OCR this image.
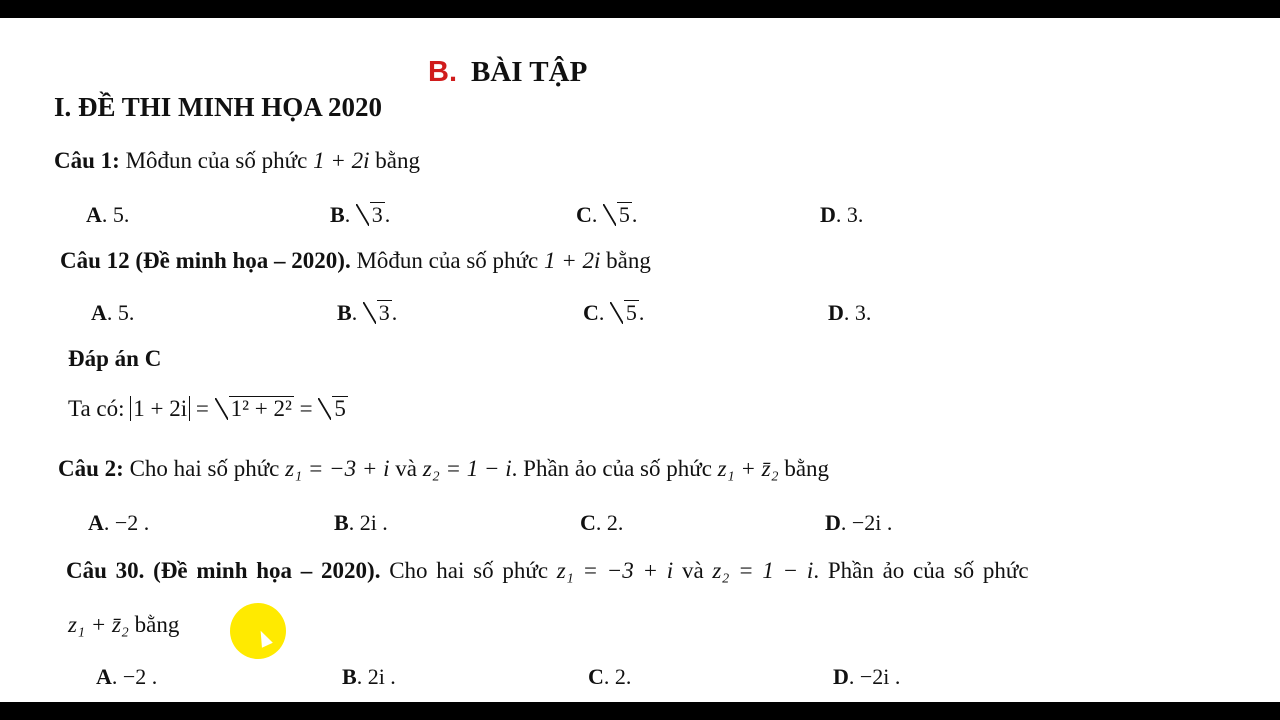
B. BÀI TẬP
I. ĐỀ THI MINH HỌA 2020
Câu 1: Môđun của số phức 1 + 2i bằng
A. 5.	B. 3.	C. 5.	D. 3.
Câu 12 (Đề minh họa – 2020). Môđun của số phức 1 + 2i bằng
A. 5.	B. 3.	C. 5.	D. 3.
Đáp án C
Ta có: 1 + 2i = 1² + 2² = 5
Câu 2: Cho hai số phức z₁ = −3 + i và z₂ = 1 − i. Phần ảo của số phức z₁ + z̄₂ bằng
A. −2 .	B. 2i .	C. 2.	D. −2i .
Câu 30. (Đề minh họa – 2020). Cho hai số phức z₁ = −3 + i và z₂ = 1 − i. Phần ảo của số phức
z₁ + z̄₂ bằng
A. −2 .	B. 2i .	C. 2.	D. −2i .
